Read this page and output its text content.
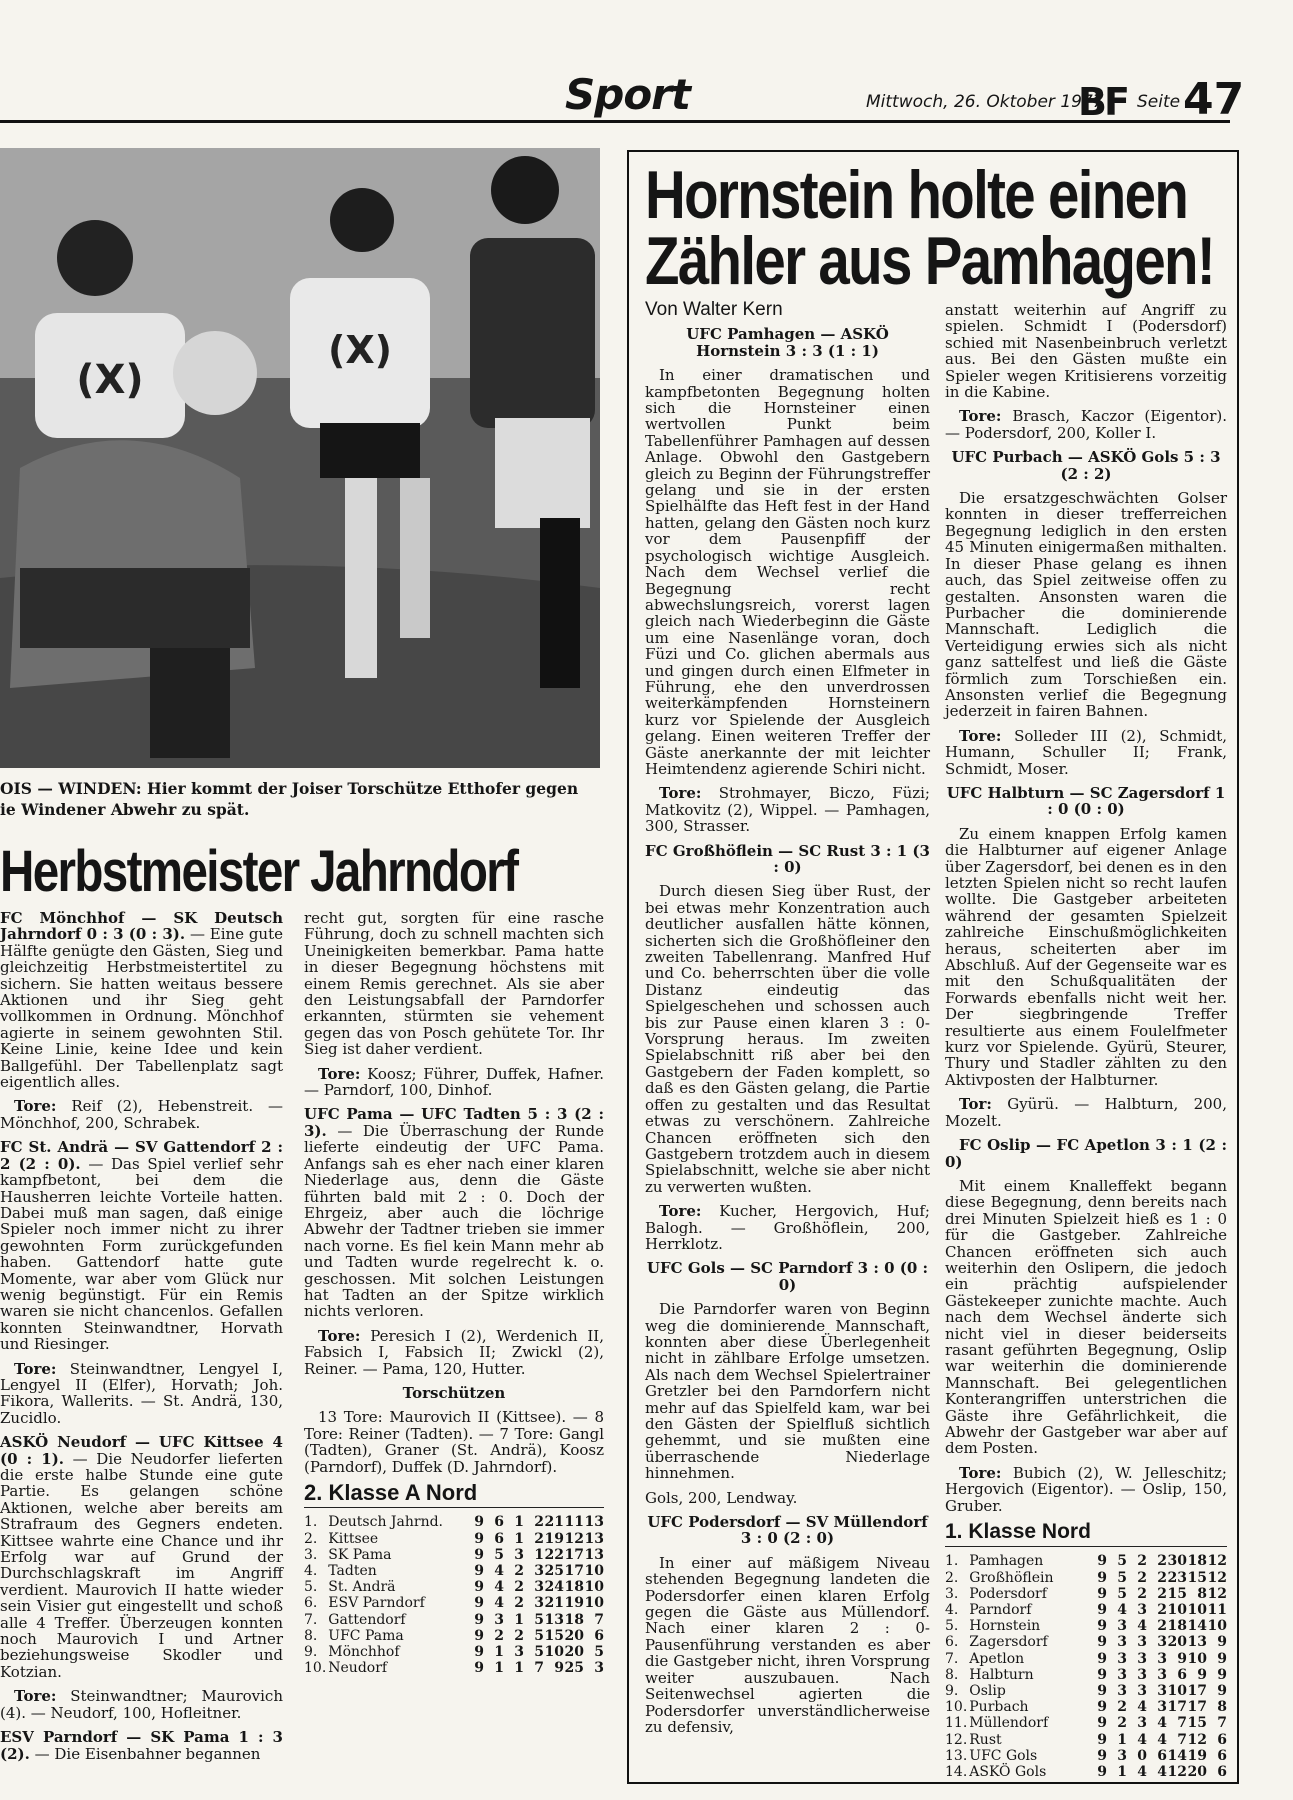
Sport	Mittwoch, 26. Oktober 1977
BF Seite 47
(X)
(X)
OIS — WINDEN: Hier kommt der Joiser Torschütze Etthofer gegen
ie Windener Abwehr zu spät.
Herbstmeister Jahrndorf

FC Mönchhof — SK Deutsch Jahrndorf 0 : 3 (0 : 3). — Eine gute Hälfte genügte den Gästen, Sieg und gleichzeitig Herbstmeistertitel zu sichern. Sie hatten weitaus bessere Aktionen und ihr Sieg geht vollkommen in Ordnung. Mönchhof agierte in seinem gewohnten Stil. Keine Linie, keine Idee und kein Ballgefühl. Der Tabellenplatz sagt eigentlich alles.

Tore: Reif (2), Hebenstreit. — Mönchhof, 200, Schrabek.

FC St. Andrä — SV Gattendorf 2 : 2 (2 : 0). — Das Spiel verlief sehr kampfbetont, bei dem die Hausherren leichte Vorteile hatten. Dabei muß man sagen, daß einige Spieler noch immer nicht zu ihrer gewohnten Form zurückgefunden haben. Gattendorf hatte gute Momente, war aber vom Glück nur wenig begünstigt. Für ein Remis waren sie nicht chancenlos. Gefallen konnten Steinwandtner, Horvath und Riesinger.

Tore: Steinwandtner, Lengyel I, Lengyel II (Elfer), Horvath; Joh. Fikora, Wallerits. — St. Andrä, 130, Zucidlo.

ASKÖ Neudorf — UFC Kittsee 4 (0 : 1). — Die Neudorfer lieferten die erste halbe Stunde eine gute Partie. Es gelangen schöne Aktionen, welche aber bereits am Strafraum des Gegners endeten. Kittsee wahrte eine Chance und ihr Erfolg war auf Grund der Durchschlagskraft im Angriff verdient. Maurovich II hatte wieder sein Visier gut eingestellt und schoß alle 4 Treffer. Überzeugen konnten noch Maurovich I und Artner beziehungsweise Skodler und Kotzian.

Tore: Steinwandtner; Maurovich (4). — Neudorf, 100, Hofleitner.

ESV Parndorf — SK Pama 1 : 3 (2). — Die Eisenbahner begannen

recht gut, sorgten für eine rasche Führung, doch zu schnell machten sich Uneinigkeiten bemerkbar. Pama hatte in dieser Begegnung höchstens mit einem Remis gerechnet. Als sie aber den Leistungsabfall der Parndorfer erkannten, stürmten sie vehement gegen das von Posch gehütete Tor. Ihr Sieg ist daher verdient.

Tore: Koosz; Führer, Duffek, Hafner. — Parndorf, 100, Dinhof.

UFC Pama — UFC Tadten 5 : 3 (2 : 3). — Die Überraschung der Runde lieferte eindeutig der UFC Pama. Anfangs sah es eher nach einer klaren Niederlage aus, denn die Gäste führten bald mit 2 : 0. Doch der Ehrgeiz, aber auch die löchrige Abwehr der Tadtner trieben sie immer nach vorne. Es fiel kein Mann mehr ab und Tadten wurde regelrecht k. o. geschossen. Mit solchen Leistungen hat Tadten an der Spitze wirklich nichts verloren.

Tore: Peresich I (2), Werdenich II, Fabsich I, Fabsich II; Zwickl (2), Reiner. — Pama, 120, Hutter.

Torschützen

13 Tore: Maurovich II (Kittsee). — 8 Tore: Reiner (Tadten). — 7 Tore: Gangl (Tadten), Graner (St. Andrä), Koosz (Parndorf), Duffek (D. Jahrndorf).

2. Klasse A Nord
1.	Deutsch Jahrnd.	9	6	1	2	21	11	13
2.	Kittsee	9	6	1	2	19	12	13
3.	SK Pama	9	5	3	1	22	17	13
4.	Tadten	9	4	2	3	25	17	10
5.	St. Andrä	9	4	2	3	24	18	10
6.	ESV Parndorf	9	4	2	3	21	19	10
7.	Gattendorf	9	3	1	5	13	18	7
8.	UFC Pama	9	2	2	5	15	20	6
9.	Mönchhof	9	1	3	5	10	20	5
10.	Neudorf	9	1	1	7	9	25	3
Hornstein holte einen
Zähler aus Pamhagen!
Von Walter Kern

UFC Pamhagen — ASKÖ Hornstein 3 : 3 (1 : 1)

In einer dramatischen und kampfbetonten Begegnung holten sich die Hornsteiner einen wertvollen Punkt beim Tabellenführer Pamhagen auf dessen Anlage. Obwohl den Gastgebern gleich zu Beginn der Führungstreffer gelang und sie in der ersten Spielhälfte das Heft fest in der Hand hatten, gelang den Gästen noch kurz vor dem Pausenpfiff der psychologisch wichtige Ausgleich. Nach dem Wechsel verlief die Begegnung recht abwechslungsreich, vorerst lagen gleich nach Wiederbeginn die Gäste um eine Nasenlänge voran, doch Füzi und Co. glichen abermals aus und gingen durch einen Elfmeter in Führung, ehe den unverdrossen weiterkämpfenden Hornsteinern kurz vor Spielende der Ausgleich gelang. Einen weiteren Treffer der Gäste anerkannte der mit leichter Heimtendenz agierende Schiri nicht.

Tore: Strohmayer, Biczo, Füzi; Matkovitz (2), Wippel. — Pamhagen, 300, Strasser.

FC Großhöflein — SC Rust 3 : 1 (3 : 0)

Durch diesen Sieg über Rust, der bei etwas mehr Konzentration auch deutlicher ausfallen hätte können, sicherten sich die Großhöfleiner den zweiten Tabellenrang. Manfred Huf und Co. beherrschten über die volle Distanz eindeutig das Spielgeschehen und schossen auch bis zur Pause einen klaren 3 : 0-Vorsprung heraus. Im zweiten Spielabschnitt riß aber bei den Gastgebern der Faden komplett, so daß es den Gästen gelang, die Partie offen zu gestalten und das Resultat etwas zu verschönern. Zahlreiche Chancen eröffneten sich den Gastgebern trotzdem auch in diesem Spielabschnitt, welche sie aber nicht zu verwerten wußten.

Tore: Kucher, Hergovich, Huf; Balogh. — Großhöflein, 200, Herrklotz.

UFC Gols — SC Parndorf 3 : 0 (0 : 0)

Die Parndorfer waren von Beginn weg die dominierende Mannschaft, konnten aber diese Überlegenheit nicht in zählbare Erfolge umsetzen. Als nach dem Wechsel Spielertrainer Gretzler bei den Parndorfern nicht mehr auf das Spielfeld kam, war bei den Gästen der Spielfluß sichtlich gehemmt, und sie mußten eine überraschende Niederlage hinnehmen.

Gols, 200, Lendway.

UFC Podersdorf — SV Müllendorf 3 : 0 (2 : 0)

In einer auf mäßigem Niveau stehenden Begegnung landeten die Podersdorfer einen klaren Erfolg gegen die Gäste aus Müllendorf. Nach einer klaren 2 : 0-Pausenführung verstanden es aber die Gastgeber nicht, ihren Vorsprung weiter auszubauen. Nach Seitenwechsel agierten die Podersdorfer unverständlicherweise zu defensiv,

anstatt weiterhin auf Angriff zu spielen. Schmidt I (Podersdorf) schied mit Nasenbeinbruch verletzt aus. Bei den Gästen mußte ein Spieler wegen Kritisierens vorzeitig in die Kabine.

Tore: Brasch, Kaczor (Eigentor). — Podersdorf, 200, Koller I.

UFC Purbach — ASKÖ Gols 5 : 3 (2 : 2)

Die ersatzgeschwächten Golser konnten in dieser trefferreichen Begegnung lediglich in den ersten 45 Minuten einigermaßen mithalten. In dieser Phase gelang es ihnen auch, das Spiel zeitweise offen zu gestalten. Ansonsten waren die Purbacher die dominierende Mannschaft. Lediglich die Verteidigung erwies sich als nicht ganz sattelfest und ließ die Gäste förmlich zum Torschießen ein. Ansonsten verlief die Begegnung jederzeit in fairen Bahnen.

Tore: Solleder III (2), Schmidt, Humann, Schuller II; Frank, Schmidt, Moser.

UFC Halbturn — SC Zagersdorf 1 : 0 (0 : 0)

Zu einem knappen Erfolg kamen die Halbturner auf eigener Anlage über Zagersdorf, bei denen es in den letzten Spielen nicht so recht laufen wollte. Die Gastgeber arbeiteten während der gesamten Spielzeit zahlreiche Einschußmöglichkeiten heraus, scheiterten aber im Abschluß. Auf der Gegenseite war es mit den Schußqualitäten der Forwards ebenfalls nicht weit her. Der siegbringende Treffer resultierte aus einem Foulelfmeter kurz vor Spielende. Gyürü, Steurer, Thury und Stadler zählten zu den Aktivposten der Halbturner.

Tor: Gyürü. — Halbturn, 200, Mozelt.

FC Oslip — FC Apetlon 3 : 1 (2 : 0)

Mit einem Knalleffekt begann diese Begegnung, denn bereits nach drei Minuten Spielzeit hieß es 1 : 0 für die Gastgeber. Zahlreiche Chancen eröffneten sich auch weiterhin den Oslipern, die jedoch ein prächtig aufspielender Gästekeeper zunichte machte. Auch nach dem Wechsel änderte sich nicht viel in dieser beiderseits rasant geführten Begegnung, Oslip war weiterhin die dominierende Mannschaft. Bei gelegentlichen Konterangriffen unterstrichen die Gäste ihre Gefährlichkeit, die Abwehr der Gastgeber war aber auf dem Posten.

Tore: Bubich (2), W. Jelleschitz; Hergovich (Eigentor). — Oslip, 150, Gruber.

1. Klasse Nord
1.	Pamhagen	9	5	2	2	30	18	12
2.	Großhöflein	9	5	2	2	23	15	12
3.	Podersdorf	9	5	2	2	15	8	12
4.	Parndorf	9	4	3	2	10	10	11
5.	Hornstein	9	3	4	2	18	14	10
6.	Zagersdorf	9	3	3	3	20	13	9
7.	Apetlon	9	3	3	3	9	10	9
8.	Halbturn	9	3	3	3	6	9	9
9.	Oslip	9	3	3	3	10	17	9
10.	Purbach	9	2	4	3	17	17	8
11.	Müllendorf	9	2	3	4	7	15	7
12.	Rust	9	1	4	4	7	12	6
13.	UFC Gols	9	3	0	6	14	19	6
14.	ASKÖ Gols	9	1	4	4	12	20	6
